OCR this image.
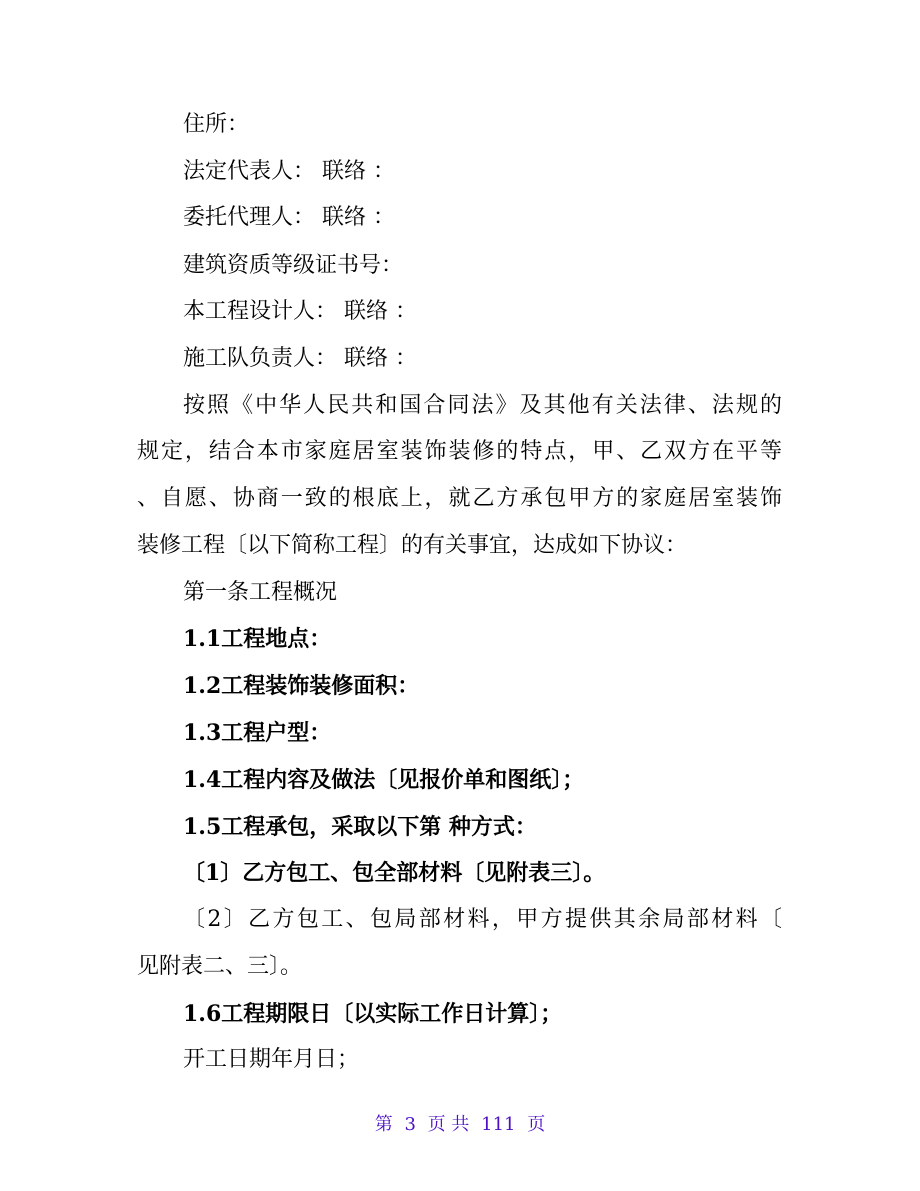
住所：
法定代表人： 联络 ：
委托代理人： 联络 ：
建筑资质等级证书号：
本工程设计人： 联络 ：
施工队负责人： 联络 ：
按照《中华人民共和国合同法》及其他有关法律、法规的
规定，结合本市家庭居室装饰装修的特点，甲、乙双方在平等
、自愿、协商一致的根底上，就乙方承包甲方的家庭居室装饰
装修工程〔以下简称工程〕的有关事宜，达成如下协议：
第一条工程概况
1.1工程地点：
1.2工程装饰装修面积：
1.3工程户型：
1.4工程内容及做法〔见报价单和图纸〕；
1.5工程承包，采取以下第 种方式：
〔1〕乙方包工、包全部材料〔见附表三〕。
〔2〕乙方包工、包局部材料，甲方提供其余局部材料〔
见附表二、三〕。
1.6工程期限日〔以实际工作日计算〕；
开工日期年月日；
第 3 页 共 111 页
